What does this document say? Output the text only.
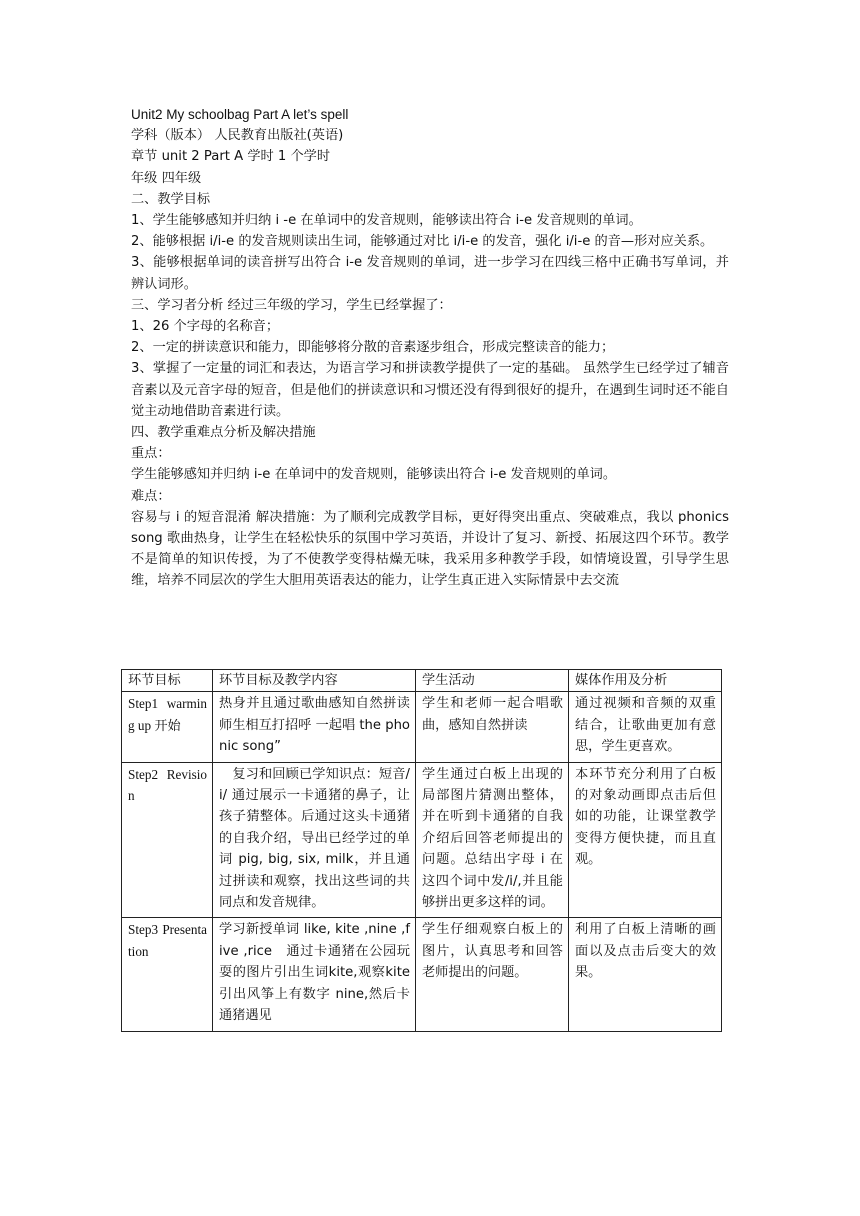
Unit2 My schoolbag Part A let’s spell
学科（版本） 人民教育出版社(英语)
章节 unit 2 Part A 学时 1 个学时
年级 四年级
二、教学目标
1、学生能够感知并归纳 i -e 在单词中的发音规则，能够读出符合 i-e 发音规则的单词。
2、能够根据 i/i-e 的发音规则读出生词，能够通过对比 i/i-e 的发音，强化 i/i-e 的音—形对应关系。
3、能够根据单词的读音拼写出符合 i-e 发音规则的单词，进一步学习在四线三格中正确书写单词，并辨认词形。
三、学习者分析 经过三年级的学习，学生已经掌握了：
1、26 个字母的名称音；
2、一定的拼读意识和能力，即能够将分散的音素逐步组合，形成完整读音的能力；
3、掌握了一定量的词汇和表达，为语言学习和拼读教学提供了一定的基础。 虽然学生已经学过了辅音音素以及元音字母的短音，但是他们的拼读意识和习惯还没有得到很好的提升，在遇到生词时还不能自觉主动地借助音素进行读。
四、教学重难点分析及解决措施
重点：
学生能够感知并归纳 i-e 在单词中的发音规则，能够读出符合 i-e 发音规则的单词。
难点：
容易与 i 的短音混淆 解决措施：为了顺利完成教学目标，更好得突出重点、突破难点，我以 phonics song 歌曲热身，让学生在轻松快乐的氛围中学习英语，并设计了复习、新授、拓展这四个环节。教学不是简单的知识传授，为了不使教学变得枯燥无味，我采用多种教学手段，如情境设置，引导学生思维，培养不同层次的学生大胆用英语表达的能力，让学生真正进入实际情景中去交流
环节目标	环节目标及教学内容	学生活动	媒体作用及分析
Step1 warming up 开始	热身并且通过歌曲感知自然拼读 师生相互打招呼 一起唱 the phonic song”	学生和老师一起合唱歌曲，感知自然拼读	通过视频和音频的双重结合，让歌曲更加有意思，学生更喜欢。
Step2 Revision	　复习和回顾已学知识点：短音/i/ 通过展示一卡通猪的鼻子，让孩子猜整体。后通过这头卡通猪的自我介绍，导出已经学过的单词 pig, big, six, milk，并且通过拼读和观察，找出这些词的共同点和发音规律。	学生通过白板上出现的局部图片猜测出整体，并在听到卡通猪的自我介绍后回答老师提出的问题。总结出字母 i 在这四个词中发/i/,并且能够拼出更多这样的词。	本环节充分利用了白板的对象动画即点击后但如的功能，让课堂教学变得方便快捷，而且直观。
Step3 Presentation	学习新授单词 like, kite ,nine ,five ,rice　通过卡通猪在公园玩耍的图片引出生词kite,观察kite引出风筝上有数字 nine,然后卡通猪遇见	学生仔细观察白板上的图片，认真思考和回答老师提出的问题。	利用了白板上清晰的画面以及点击后变大的效果。
